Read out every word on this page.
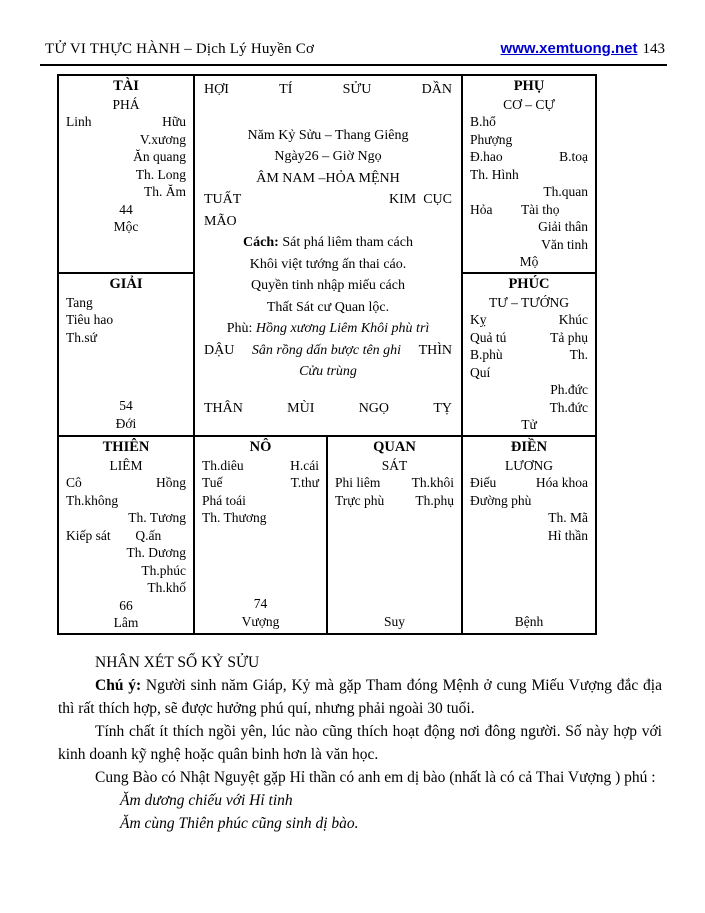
TỬ VI THỰC HÀNH – Dịch Lý Huyền Cơ	www.xemtuong.net 143
TÀI
PHÁ
Linh	Hữu
V.xương
Ăn quang
Th. Long
Th. Ăm
44
Mộc
HỢI	TÍ	SỬU	DẦN
Năm Kỷ Sửu – Thang Giêng
Ngày26 – Giờ Ngọ
ÂM NAM –HỎA MỆNH
TUẤT	KIM  CỤC
MÃO
Cách: Sát phá liêm tham cách
Khôi việt tướng ấn thai cáo.
Quyền tinh nhập miếu cách
Thất Sát cư Quan lộc.
Phù: Hồng xương Liêm Khôi phù trì
DẬU	Sân rồng dấn bược tên ghi	THÌN
Cửu trùng
THÂN	MÙI	NGỌ	TỴ
PHỤ
CƠ – CỰ
B.hổ
Phượng
Đ.hao	B.toạ
Th. Hình
Th.quan
Hỏa	Tài thọ
Giải thân
Văn tinh
Mộ
GIẢI
Tang
Tiêu hao
Th.sứ
54
Đới
PHÚC
TƯ – TƯỚNG
Kỵ	Khúc
Quả tú	Tả phụ
B.phù	Th.
Quí
Ph.đức
Th.đức
Tử
THIÊN
LIÊM
Cô	Hồng
Th.không
Th. Tương
Kiếp sát	Q.ấn
Th. Dương
Th.phúc
Th.khố
66
Lâm
NÔ
Th.diêu	H.cái
Tuế	T.thư
Phá toái
Th. Thương
74
Vượng
QUAN
SÁT
Phi liêm Th.khôi
Trực phù Th.phụ
Suy
ĐIỀN
LƯƠNG
Điếu	Hóa khoa
Đường phù
Th. Mã
Hỉ thần
Bệnh

NHÂN XÉT SỐ KỶ SỬU

Chú ý: Người sinh năm Giáp, Kỷ mà gặp Tham đóng Mệnh ở cung Miếu Vượng đắc địa thì rất thích hợp, sẽ được hưởng phú quí, nhưng phải ngoài 30 tuổi.

Tính chất ít thích ngồi yên, lúc nào cũng thích hoạt động nơi đông người. Số này hợp với kinh doanh kỹ nghệ hoặc quân binh hơn là văn học.

Cung Bào có Nhật Nguyệt gặp Hỉ thần có anh em dị bào (nhất là có cả Thai Vượng ) phú :

Ăm dương chiếu với Hỉ tinh

Ăm cùng Thiên phúc cũng sinh dị bào.
